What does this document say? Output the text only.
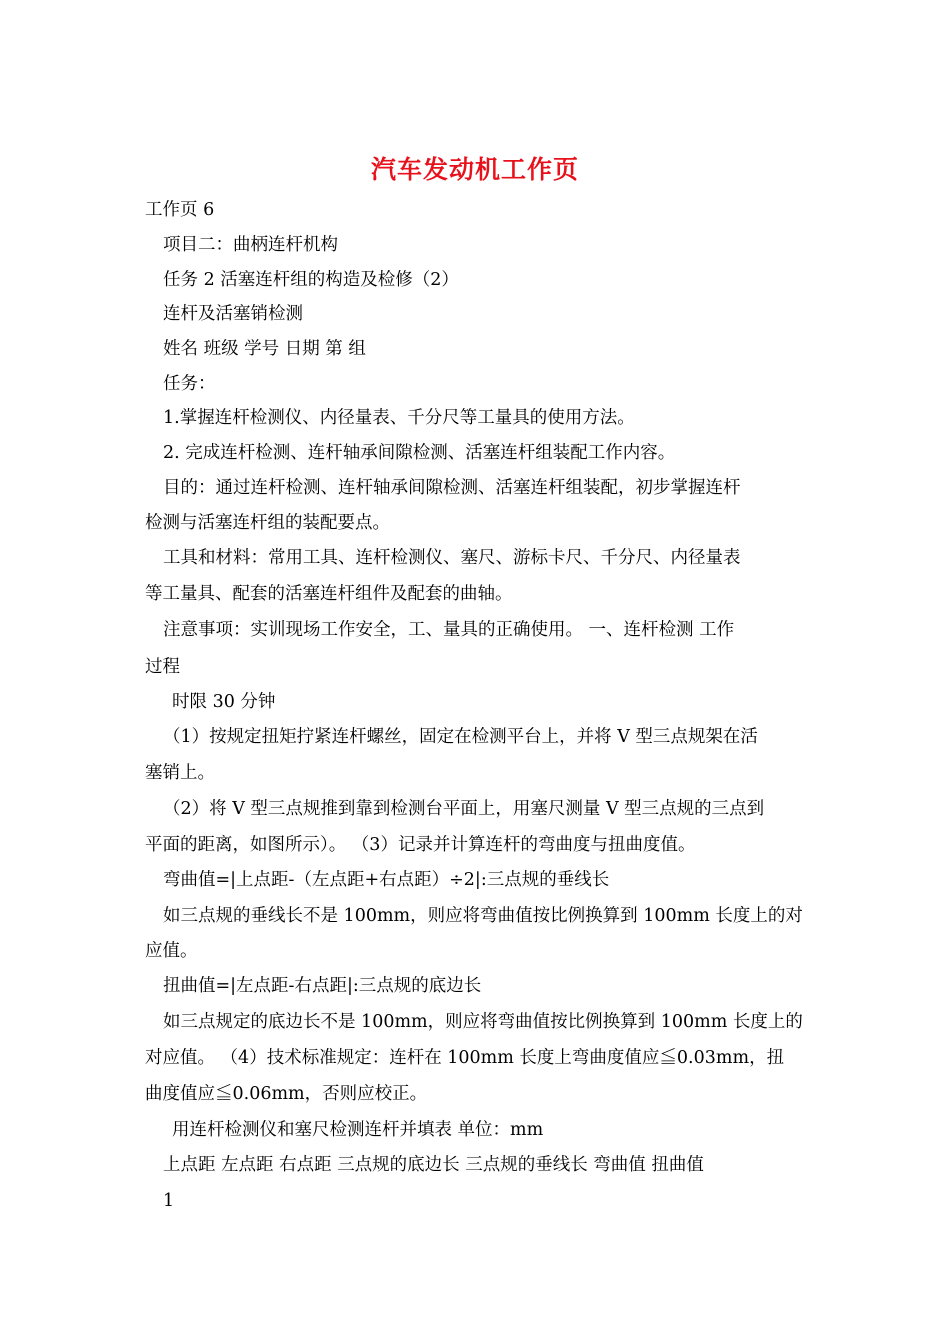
汽车发动机工作页
工作页 6
项目二：曲柄连杆机构
任务 2 活塞连杆组的构造及检修（2）
连杆及活塞销检测
姓名 班级 学号 日期 第 组
任务：
1.掌握连杆检测仪、内径量表、千分尺等工量具的使用方法。
2. 完成连杆检测、连杆轴承间隙检测、活塞连杆组装配工作内容。
目的：通过连杆检测、连杆轴承间隙检测、活塞连杆组装配，初步掌握连杆
检测与活塞连杆组的装配要点。
工具和材料：常用工具、连杆检测仪、塞尺、游标卡尺、千分尺、内径量表
等工量具、配套的活塞连杆组件及配套的曲轴。
注意事项：实训现场工作安全，工、量具的正确使用。 一、连杆检测 工作
过程
时限 30 分钟
（1）按规定扭矩拧紧连杆螺丝，固定在检测平台上，并将 V 型三点规架在活
塞销上。
（2）将 V 型三点规推到靠到检测台平面上，用塞尺测量 V 型三点规的三点到
平面的距离，如图所示）。 （3）记录并计算连杆的弯曲度与扭曲度值。
弯曲值=|上点距-（左点距+右点距）÷2|:三点规的垂线长
如三点规的垂线长不是 100mm，则应将弯曲值按比例换算到 100mm 长度上的对
应值。
扭曲值=|左点距-右点距|:三点规的底边长
如三点规定的底边长不是 100mm，则应将弯曲值按比例换算到 100mm 长度上的
对应值。 （4）技术标准规定：连杆在 100mm 长度上弯曲度值应≦0.03mm，扭
曲度值应≦0.06mm，否则应校正。
用连杆检测仪和塞尺检测连杆并填表 单位：mm
上点距 左点距 右点距 三点规的底边长 三点规的垂线长 弯曲值 扭曲值
1
